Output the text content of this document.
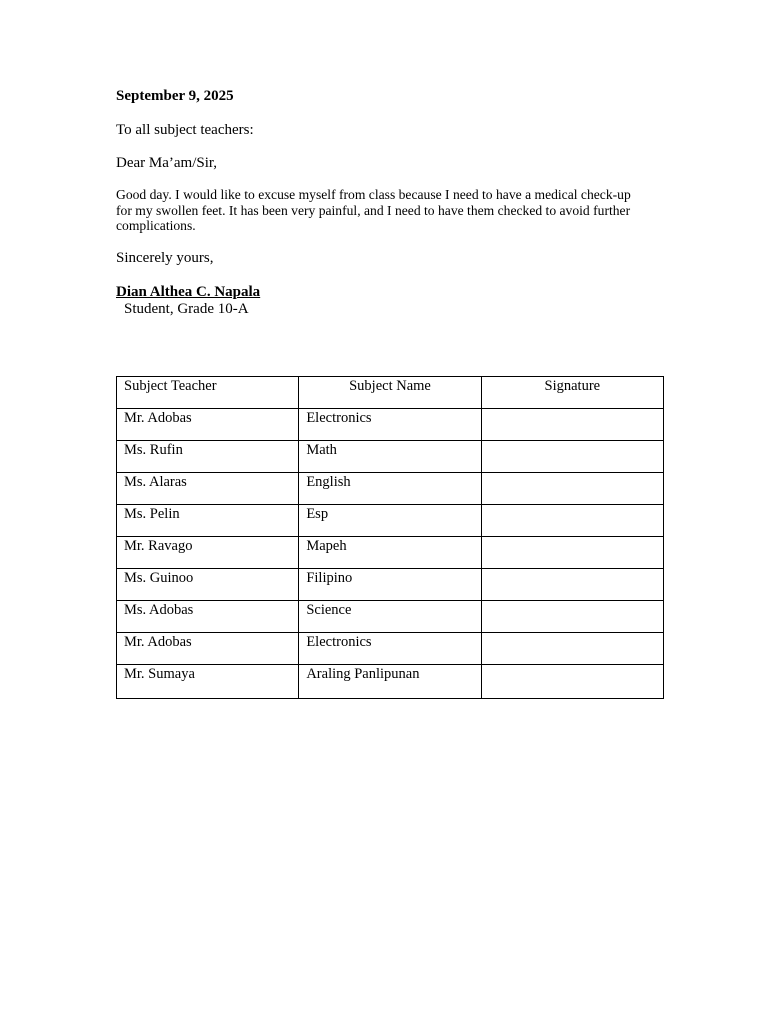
September 9, 2025
To all subject teachers:
Dear Ma’am/Sir,
Good day. I would like to excuse myself from class because I need to have a medical check-up for my swollen feet. It has been very painful, and I need to have them checked to avoid further complications.
Sincerely yours,
Dian Althea C. Napala
Student, Grade 10-A
Subject Teacher	Subject Name	Signature
Mr. Adobas	Electronics	
Ms. Rufin	Math	
Ms. Alaras	English	
Ms. Pelin	Esp	
Mr. Ravago	Mapeh	
Ms. Guinoo	Filipino	
Ms. Adobas	Science	
Mr. Adobas	Electronics	
Mr. Sumaya	Araling Panlipunan	
